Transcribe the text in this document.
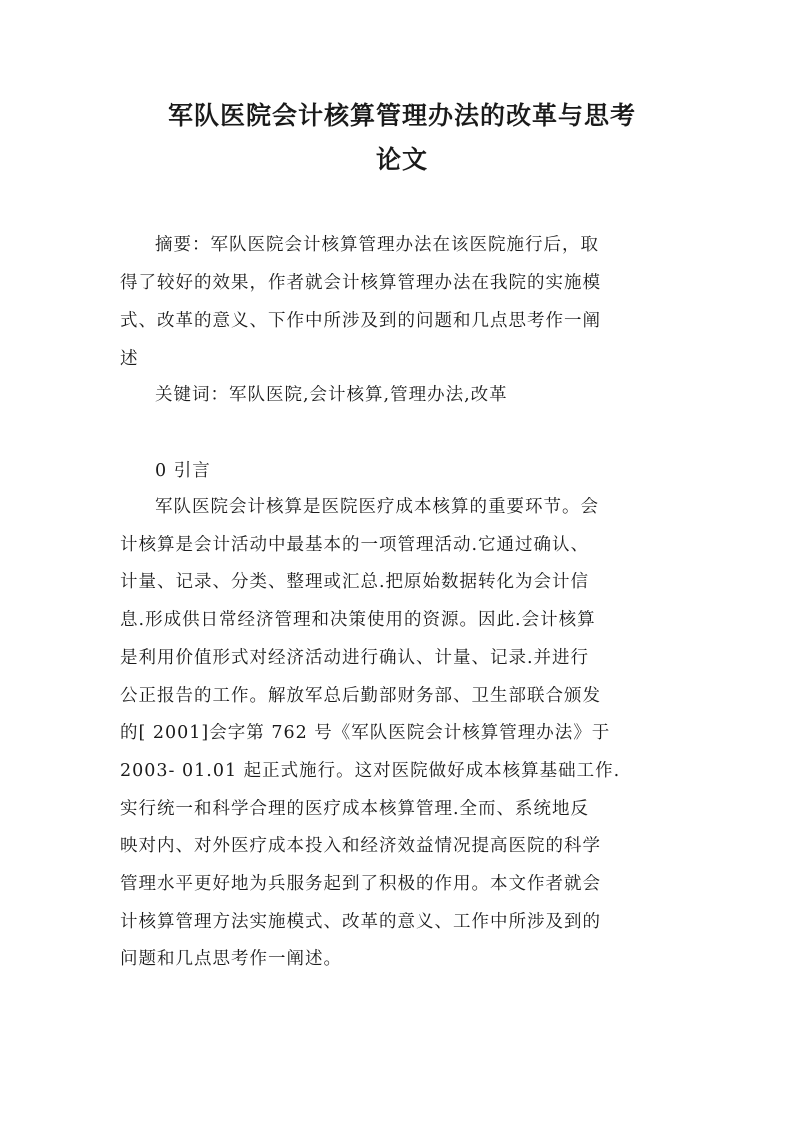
军队医院会计核算管理办法的改革与思考
论文
摘要：军队医院会计核算管理办法在该医院施行后，取
得了较好的效果，作者就会计核算管理办法在我院的实施模
式、改革的意义、下作中所涉及到的问题和几点思考作一阐
述
关键词：军队医院,会计核算,管理办法,改革
0 引言
军队医院会计核算是医院医疗成本核算的重要环节。会
计核算是会计活动中最基本的一项管理活动.它通过确认、
计量、记录、分类、整理或汇总.把原始数据转化为会计信
息.形成供日常经济管理和决策使用的资源。因此.会计核算
是利用价值形式对经济活动进行确认、计量、记录.并进行
公正报告的工作。解放军总后勤部财务部、卫生部联合颁发
的[ 2001]会字第 762 号《军队医院会计核算管理办法》于
2003- 01.01 起正式施行。这对医院做好成本核算基础工作.
实行统一和科学合理的医疗成本核算管理.全而、系统地反
映对内、对外医疗成本投入和经济效益情况提高医院的科学
管理水平更好地为兵服务起到了积极的作用。本文作者就会
计核算管理方法实施模式、改革的意义、工作中所涉及到的
问题和几点思考作一阐述。
